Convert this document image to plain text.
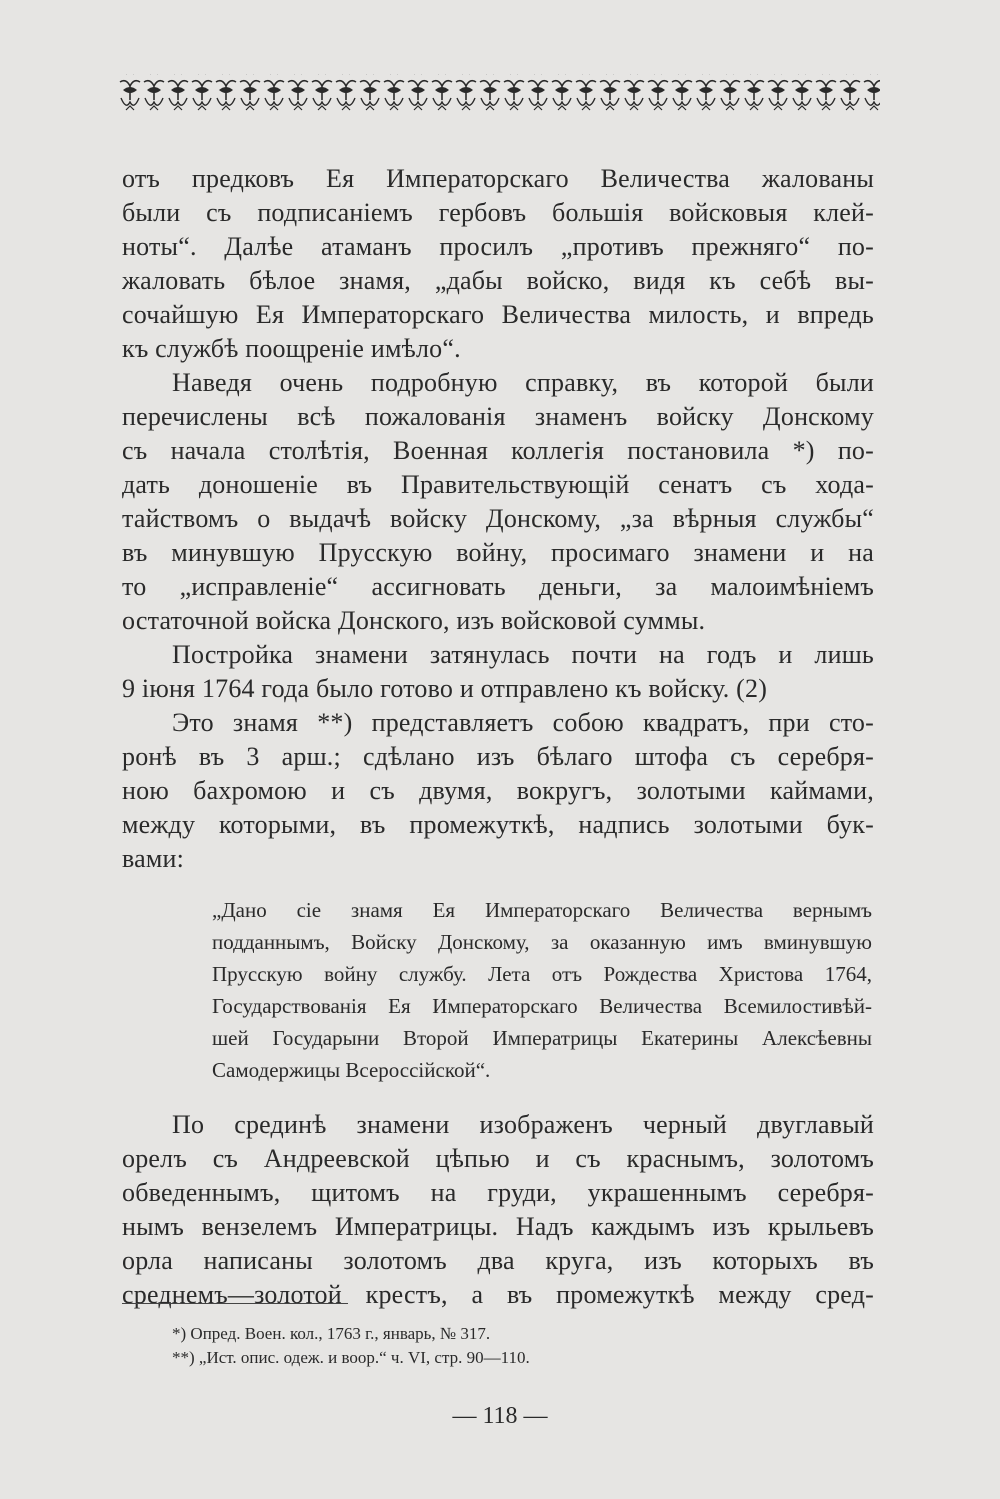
отъ предковъ Ея Императорскаго Величества жалованы
были съ подписаніемъ гербовъ большія войсковыя клей-
ноты“. Далѣе атаманъ просилъ „противъ прежняго“ по-
жаловать бѣлое знамя, „дабы войско, видя къ себѣ вы-
сочайшую Ея Императорскаго Величества милость, и впредь
къ службѣ поощреніе имѣло“.
Наведя очень подробную справку, въ которой были
перечислены всѣ пожалованія знаменъ войску Донскому
съ начала столѣтія, Военная коллегія постановила *) по-
дать доношеніе въ Правительствующій сенатъ съ хода-
тайствомъ о выдачѣ войску Донскому, „за вѣрныя службы“
въ минувшую Прусскую войну, просимаго знамени и на
то „исправленіе“ ассигновать деньги, за малоимѣніемъ
остаточной войска Донского, изъ войсковой суммы.
Постройка знамени затянулась почти на годъ и лишь
9 іюня 1764 года было готово и отправлено къ войску. (2)
Это знамя **) представляетъ собою квадратъ, при сто-
ронѣ въ 3 арш.; сдѣлано изъ бѣлаго штофа съ серебря-
ною бахромою и съ двумя, вокругъ, золотыми каймами,
между которыми, въ промежуткѣ, надпись золотыми бук-
вами:
„Дано сіе знамя Ея Императорскаго Величества вернымъ
подданнымъ, Войску Донскому, за оказанную имъ вминувшую
Прусскую войну службу. Лета отъ Рождества Христова 1764,
Государствованія Ея Императорскаго Величества Всемилостивѣй-
шей Государыни Второй Императрицы Екатерины Алексѣевны
Самодержицы Всероссійской“.
По срединѣ знамени изображенъ черный двуглавый
орелъ съ Андреевской цѣпью и съ краснымъ, золотомъ
обведеннымъ, щитомъ на груди, украшеннымъ серебря-
нымъ вензелемъ Императрицы. Надъ каждымъ изъ крыльевъ
орла написаны золотомъ два круга, изъ которыхъ въ
среднемъ—золотой крестъ, а въ промежуткѣ между сред-
*) Опред. Воен. кол., 1763 г., январь, № 317.
**) „Ист. опис. одеж. и воор.“ ч. VI, стр. 90—110.
— 118 —
